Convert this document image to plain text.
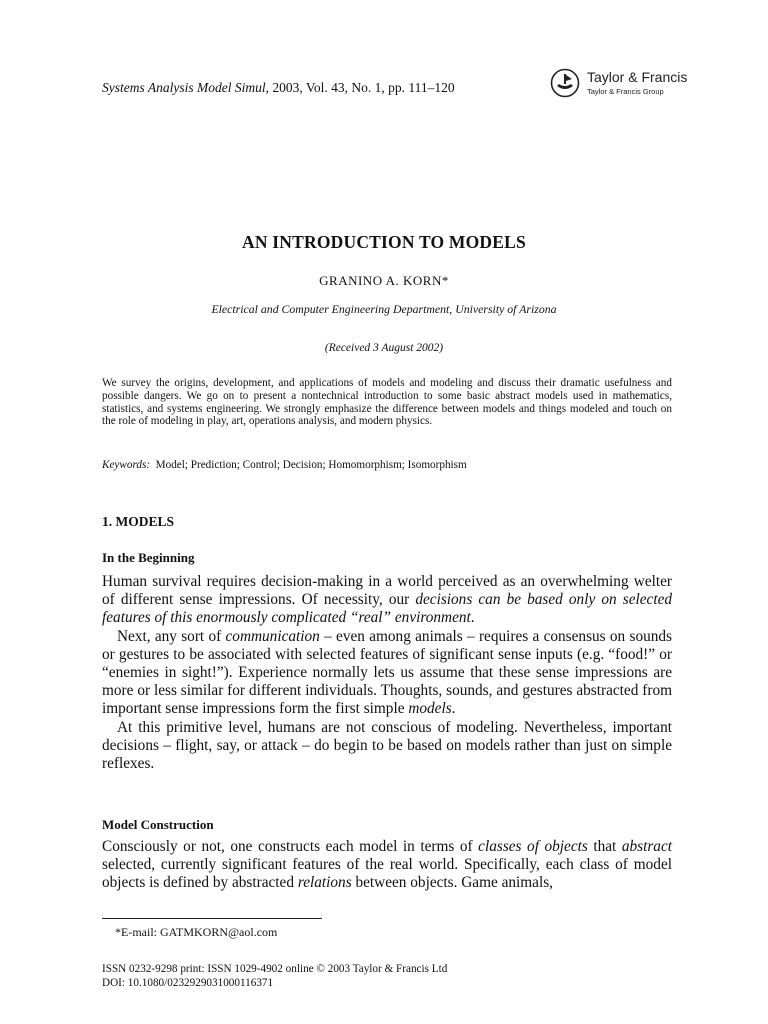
Systems Analysis Model Simul, 2003, Vol. 43, No. 1, pp. 111–120
Taylor & Francis
Taylor & Francis Group
AN INTRODUCTION TO MODELS
GRANINO A. KORN*
Electrical and Computer Engineering Department, University of Arizona
(Received 3 August 2002)
We survey the origins, development, and applications of models and modeling and discuss their dramatic usefulness and possible dangers. We go on to present a nontechnical introduction to some basic abstract models used in mathematics, statistics, and systems engineering. We strongly emphasize the difference between models and things modeled and touch on the role of modeling in play, art, operations analysis, and modern physics.
Keywords: Model; Prediction; Control; Decision; Homomorphism; Isomorphism
1. MODELS
In the Beginning
Human survival requires decision-making in a world perceived as an overwhelming welter of different sense impressions. Of necessity, our decisions can be based only on selected features of this enormously complicated “real” environment.
Next, any sort of communication – even among animals – requires a consensus on sounds or gestures to be associated with selected features of significant sense inputs (e.g. “food!” or “enemies in sight!”). Experience normally lets us assume that these sense impressions are more or less similar for different individuals. Thoughts, sounds, and gestures abstracted from important sense impressions form the first simple models.
At this primitive level, humans are not conscious of modeling. Nevertheless, important decisions – flight, say, or attack – do begin to be based on models rather than just on simple reflexes.
Model Construction
Consciously or not, one constructs each model in terms of classes of objects that abstract selected, currently significant features of the real world. Specifically, each class of model objects is defined by abstracted relations between objects. Game animals,
*E-mail: GATMKORN@aol.com
ISSN 0232-9298 print: ISSN 1029-4902 online © 2003 Taylor & Francis Ltd
DOI: 10.1080/0232929031000116371
